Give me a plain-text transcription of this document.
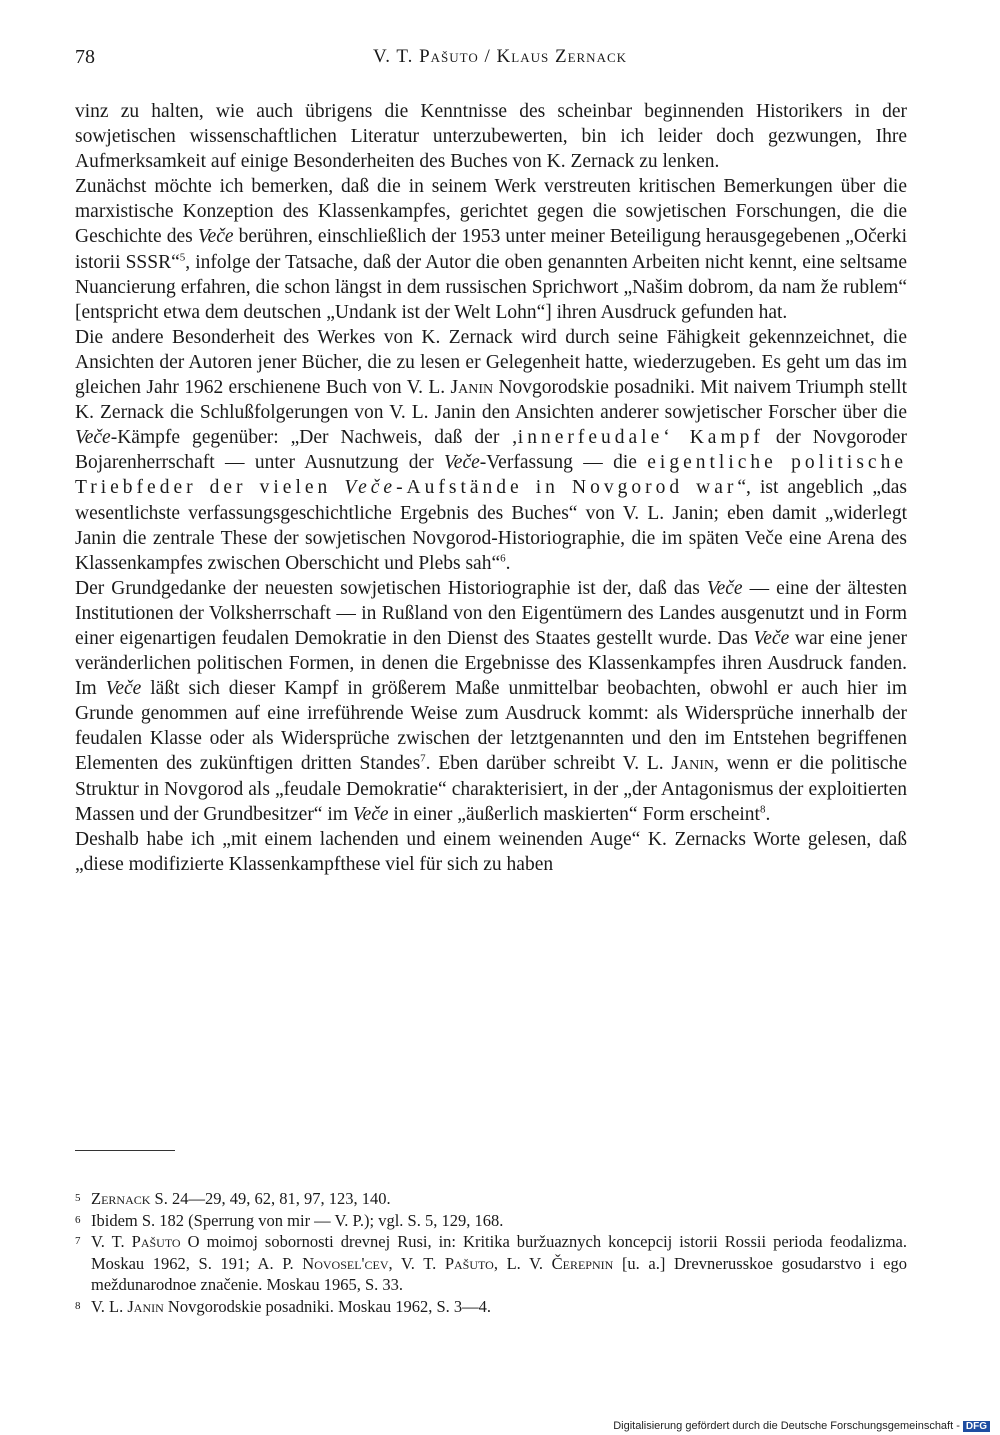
78	V. T. Pašuto / Klaus Zernack

vinz zu halten, wie auch übrigens die Kenntnisse des scheinbar beginnenden Historikers in der sowjetischen wissenschaftlichen Literatur unterzubewerten, bin ich leider doch gezwungen, Ihre Aufmerksamkeit auf einige Besonderheiten des Buches von K. Zernack zu lenken.

Zunächst möchte ich bemerken, daß die in seinem Werk verstreuten kritischen Bemerkungen über die marxistische Konzeption des Klassenkampfes, gerichtet gegen die sowjetischen Forschungen, die die Geschichte des Veče berühren, einschließlich der 1953 unter meiner Beteiligung herausgegebenen „Očerki istorii SSSR“$^5$, infolge der Tatsache, daß der Autor die oben genannten Arbeiten nicht kennt, eine seltsame Nuancierung erfahren, die schon längst in dem russischen Sprichwort „Našim dobrom, da nam že rublem“ [entspricht etwa dem deutschen „Undank ist der Welt Lohn“] ihren Ausdruck gefunden hat.

Die andere Besonderheit des Werkes von K. Zernack wird durch seine Fähigkeit gekennzeichnet, die Ansichten der Autoren jener Bücher, die zu lesen er Gelegenheit hatte, wiederzugeben. Es geht um das im gleichen Jahr 1962 erschienene Buch von V. L. Janin Novgorodskie posadniki. Mit naivem Triumph stellt K. Zernack die Schlußfolgerungen von V. L. Janin den Ansichten anderer sowjetischer Forscher über die Veče-Kämpfe gegenüber: „Der Nachweis, daß der ‚innerfeudale‘ Kampf der Novgoroder Bojarenherrschaft — unter Ausnutzung der Veče-Verfassung — die eigentliche politische Triebfeder der vielen Veče-Aufstände in Novgorod war“, ist angeblich „das wesentlichste verfassungsgeschichtliche Ergebnis des Buches“ von V. L. Janin; eben damit „widerlegt Janin die zentrale These der sowjetischen Novgorod-Historiographie, die im späten Veče eine Arena des Klassenkampfes zwischen Oberschicht und Plebs sah“$^6$.

Der Grundgedanke der neuesten sowjetischen Historiographie ist der, daß das Veče — eine der ältesten Institutionen der Volksherrschaft — in Rußland von den Eigentümern des Landes ausgenutzt und in Form einer eigenartigen feudalen Demokratie in den Dienst des Staates gestellt wurde. Das Veče war eine jener veränderlichen politischen Formen, in denen die Ergebnisse des Klassenkampfes ihren Ausdruck fanden. Im Veče läßt sich dieser Kampf in größerem Maße unmittelbar beobachten, obwohl er auch hier im Grunde genommen auf eine irreführende Weise zum Ausdruck kommt: als Widersprüche innerhalb der feudalen Klasse oder als Widersprüche zwischen der letztgenannten und den im Entstehen begriffenen Elementen des zukünftigen dritten Standes$^7$. Eben darüber schreibt V. L. Janin, wenn er die politische Struktur in Novgorod als „feudale Demokratie“ charakterisiert, in der „der Antagonismus der exploitierten Massen und der Grundbesitzer“ im Veče in einer „äußerlich maskierten“ Form erscheint$^8$.

Deshalb habe ich „mit einem lachenden und einem weinenden Auge“ K. Zernacks Worte gelesen, daß „diese modifizierte Klassenkampfthese viel für sich zu haben

5 Zernack S. 24—29, 49, 62, 81, 97, 123, 140.
6 Ibidem S. 182 (Sperrung von mir — V. P.); vgl. S. 5, 129, 168.
7 V. T. Pašuto O moimoj sobornosti drevnej Rusi, in: Kritika buržuaznych koncepcij istorii Rossii perioda feodalizma. Moskau 1962, S. 191; A. P. Novosel'cev, V. T. Pašuto, L. V. Čerepnin [u. a.] Drevnerusskoe gosudarstvo i ego meždunarodnoe značenie. Moskau 1965, S. 33.
8 V. L. Janin Novgorodskie posadniki. Moskau 1962, S. 3—4.
Digitalisierung gefördert durch die Deutsche Forschungsgemeinschaft - DFG
